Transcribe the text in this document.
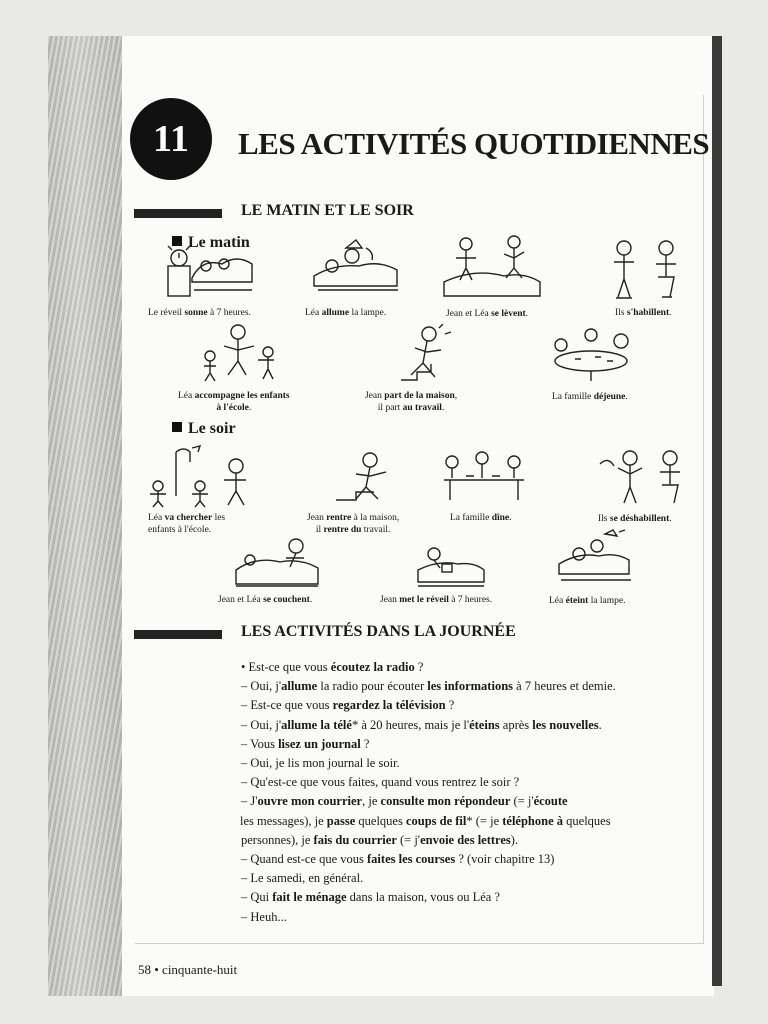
11	LES ACTIVITÉS QUOTIDIENNES
LE MATIN ET LE SOIR
Le matin
Le réveil sonne à 7 heures.	Léa allume la lampe.	Jean et Léa se lèvent.	Ils s'habillent.
Léa accompagne les enfants
à l'école.
Jean part de la maison,
il part au travail.
La famille déjeune.
Le soir
Léa va chercher les
enfants à l'école.
Jean rentre à la maison,
il rentre du travail.
La famille dîne.	Ils se déshabillent.
Jean et Léa se couchent.	Jean met le réveil à 7 heures.	Léa éteint la lampe.
LES ACTIVITÉS DANS LA JOURNÉE
• Est-ce que vous écoutez la radio ?
– Oui, j'allume la radio pour écouter les informations à 7 heures et demie.
– Est-ce que vous regardez la télévision ?
– Oui, j'allume la télé* à 20 heures, mais je l'éteins après les nouvelles.
– Vous lisez un journal ?
– Oui, je lis mon journal le soir.
– Qu'est-ce que vous faites, quand vous rentrez le soir ?
– J'ouvre mon courrier, je consulte mon répondeur (= j'écoute
les messages), je passe quelques coups de fil* (= je téléphone à quelques
personnes), je fais du courrier (= j'envoie des lettres).
– Quand est-ce que vous faites les courses ? (voir chapitre 13)
– Le samedi, en général.
– Qui fait le ménage dans la maison, vous ou Léa ?
– Heuh...
58 • cinquante-huit
